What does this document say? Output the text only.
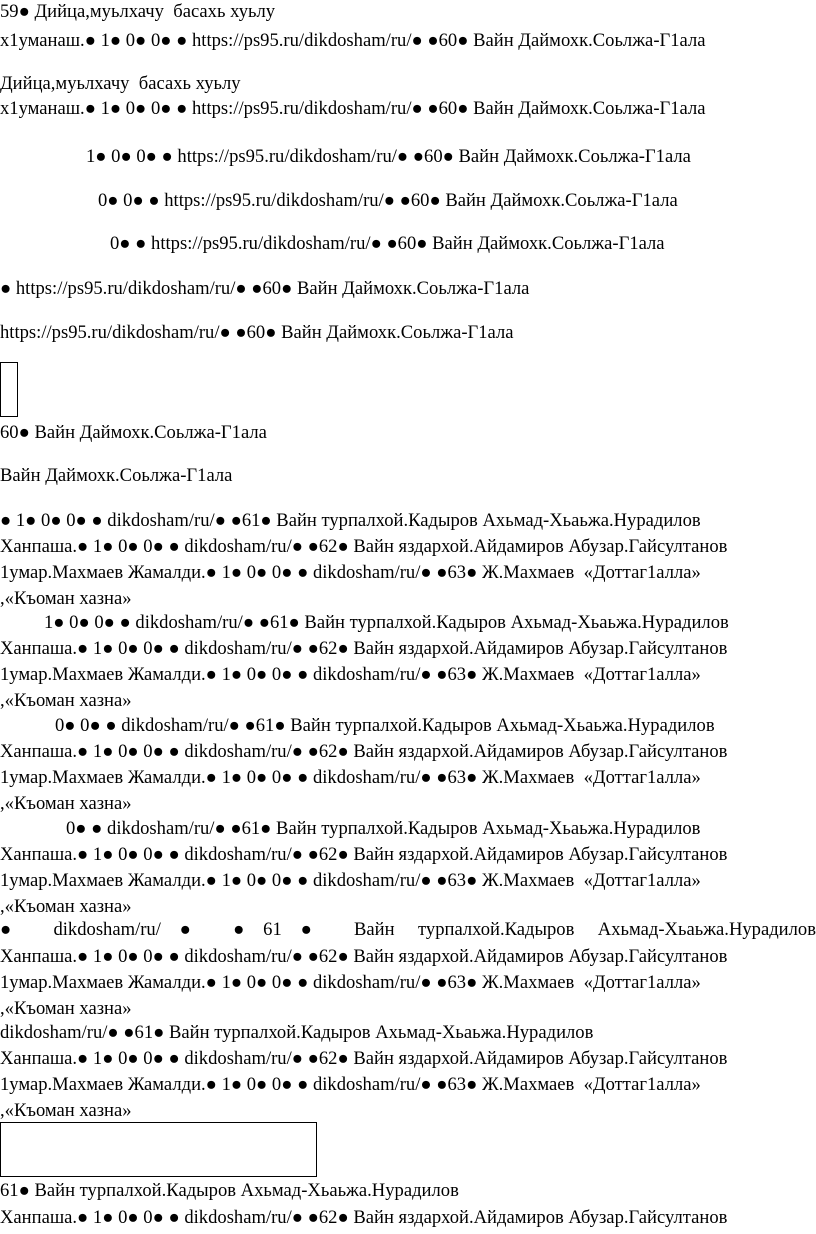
59● Дийца,муьлхачу  басахь хуьлу
х1уманаш.● 1● 0● 0● ● https://ps95.ru/dikdosham/ru/● ●60● Вайн Даймохк.Соьлжа-Г1ала
Дийца,муьлхачу  басахь хуьлу
х1уманаш.● 1● 0● 0● ● https://ps95.ru/dikdosham/ru/● ●60● Вайн Даймохк.Соьлжа-Г1ала
1● 0● 0● ● https://ps95.ru/dikdosham/ru/● ●60● Вайн Даймохк.Соьлжа-Г1ала
0● 0● ● https://ps95.ru/dikdosham/ru/● ●60● Вайн Даймохк.Соьлжа-Г1ала
0● ● https://ps95.ru/dikdosham/ru/● ●60● Вайн Даймохк.Соьлжа-Г1ала
● https://ps95.ru/dikdosham/ru/● ●60● Вайн Даймохк.Соьлжа-Г1ала
https://ps95.ru/dikdosham/ru/● ●60● Вайн Даймохк.Соьлжа-Г1ала
60● Вайн Даймохк.Соьлжа-Г1ала
Вайн Даймохк.Соьлжа-Г1ала
● 1● 0● 0● ● dikdosham/ru/● ●61● Вайн турпалхой.Кадыров Ахьмад-Хьаьжа.Нурадилов
Ханпаша.● 1● 0● 0● ● dikdosham/ru/● ●62● Вайн яздархой.Айдамиров Абузар.Гайсултанов
1умар.Махмаев Жамалди.● 1● 0● 0● ● dikdosham/ru/● ●63● Ж.Махмаев  «Доттаг1алла»
,«Къоман хазна»
1● 0● 0● ● dikdosham/ru/● ●61● Вайн турпалхой.Кадыров Ахьмад-Хьаьжа.Нурадилов
Ханпаша.● 1● 0● 0● ● dikdosham/ru/● ●62● Вайн яздархой.Айдамиров Абузар.Гайсултанов
1умар.Махмаев Жамалди.● 1● 0● 0● ● dikdosham/ru/● ●63● Ж.Махмаев  «Доттаг1алла»
,«Къоман хазна»
0● 0● ● dikdosham/ru/● ●61● Вайн турпалхой.Кадыров Ахьмад-Хьаьжа.Нурадилов
Ханпаша.● 1● 0● 0● ● dikdosham/ru/● ●62● Вайн яздархой.Айдамиров Абузар.Гайсултанов
1умар.Махмаев Жамалди.● 1● 0● 0● ● dikdosham/ru/● ●63● Ж.Махмаев  «Доттаг1алла»
,«Къоман хазна»
0● ● dikdosham/ru/● ●61● Вайн турпалхой.Кадыров Ахьмад-Хьаьжа.Нурадилов
Ханпаша.● 1● 0● 0● ● dikdosham/ru/● ●62● Вайн яздархой.Айдамиров Абузар.Гайсултанов
1умар.Махмаев Жамалди.● 1● 0● 0● ● dikdosham/ru/● ●63● Ж.Махмаев  «Доттаг1алла»
,«Къоман хазна»
● dikdosham/ru/● ●61● Вайн турпалхой.Кадыров Ахьмад-Хьаьжа.Нурадилов
Ханпаша.● 1● 0● 0● ● dikdosham/ru/● ●62● Вайн яздархой.Айдамиров Абузар.Гайсултанов
1умар.Махмаев Жамалди.● 1● 0● 0● ● dikdosham/ru/● ●63● Ж.Махмаев  «Доттаг1алла»
,«Къоман хазна»
dikdosham/ru/● ●61● Вайн турпалхой.Кадыров Ахьмад-Хьаьжа.Нурадилов
Ханпаша.● 1● 0● 0● ● dikdosham/ru/● ●62● Вайн яздархой.Айдамиров Абузар.Гайсултанов
1умар.Махмаев Жамалди.● 1● 0● 0● ● dikdosham/ru/● ●63● Ж.Махмаев  «Доттаг1алла»
,«Къоман хазна»
61● Вайн турпалхой.Кадыров Ахьмад-Хьаьжа.Нурадилов
Ханпаша.● 1● 0● 0● ● dikdosham/ru/● ●62● Вайн яздархой.Айдамиров Абузар.Гайсултанов
